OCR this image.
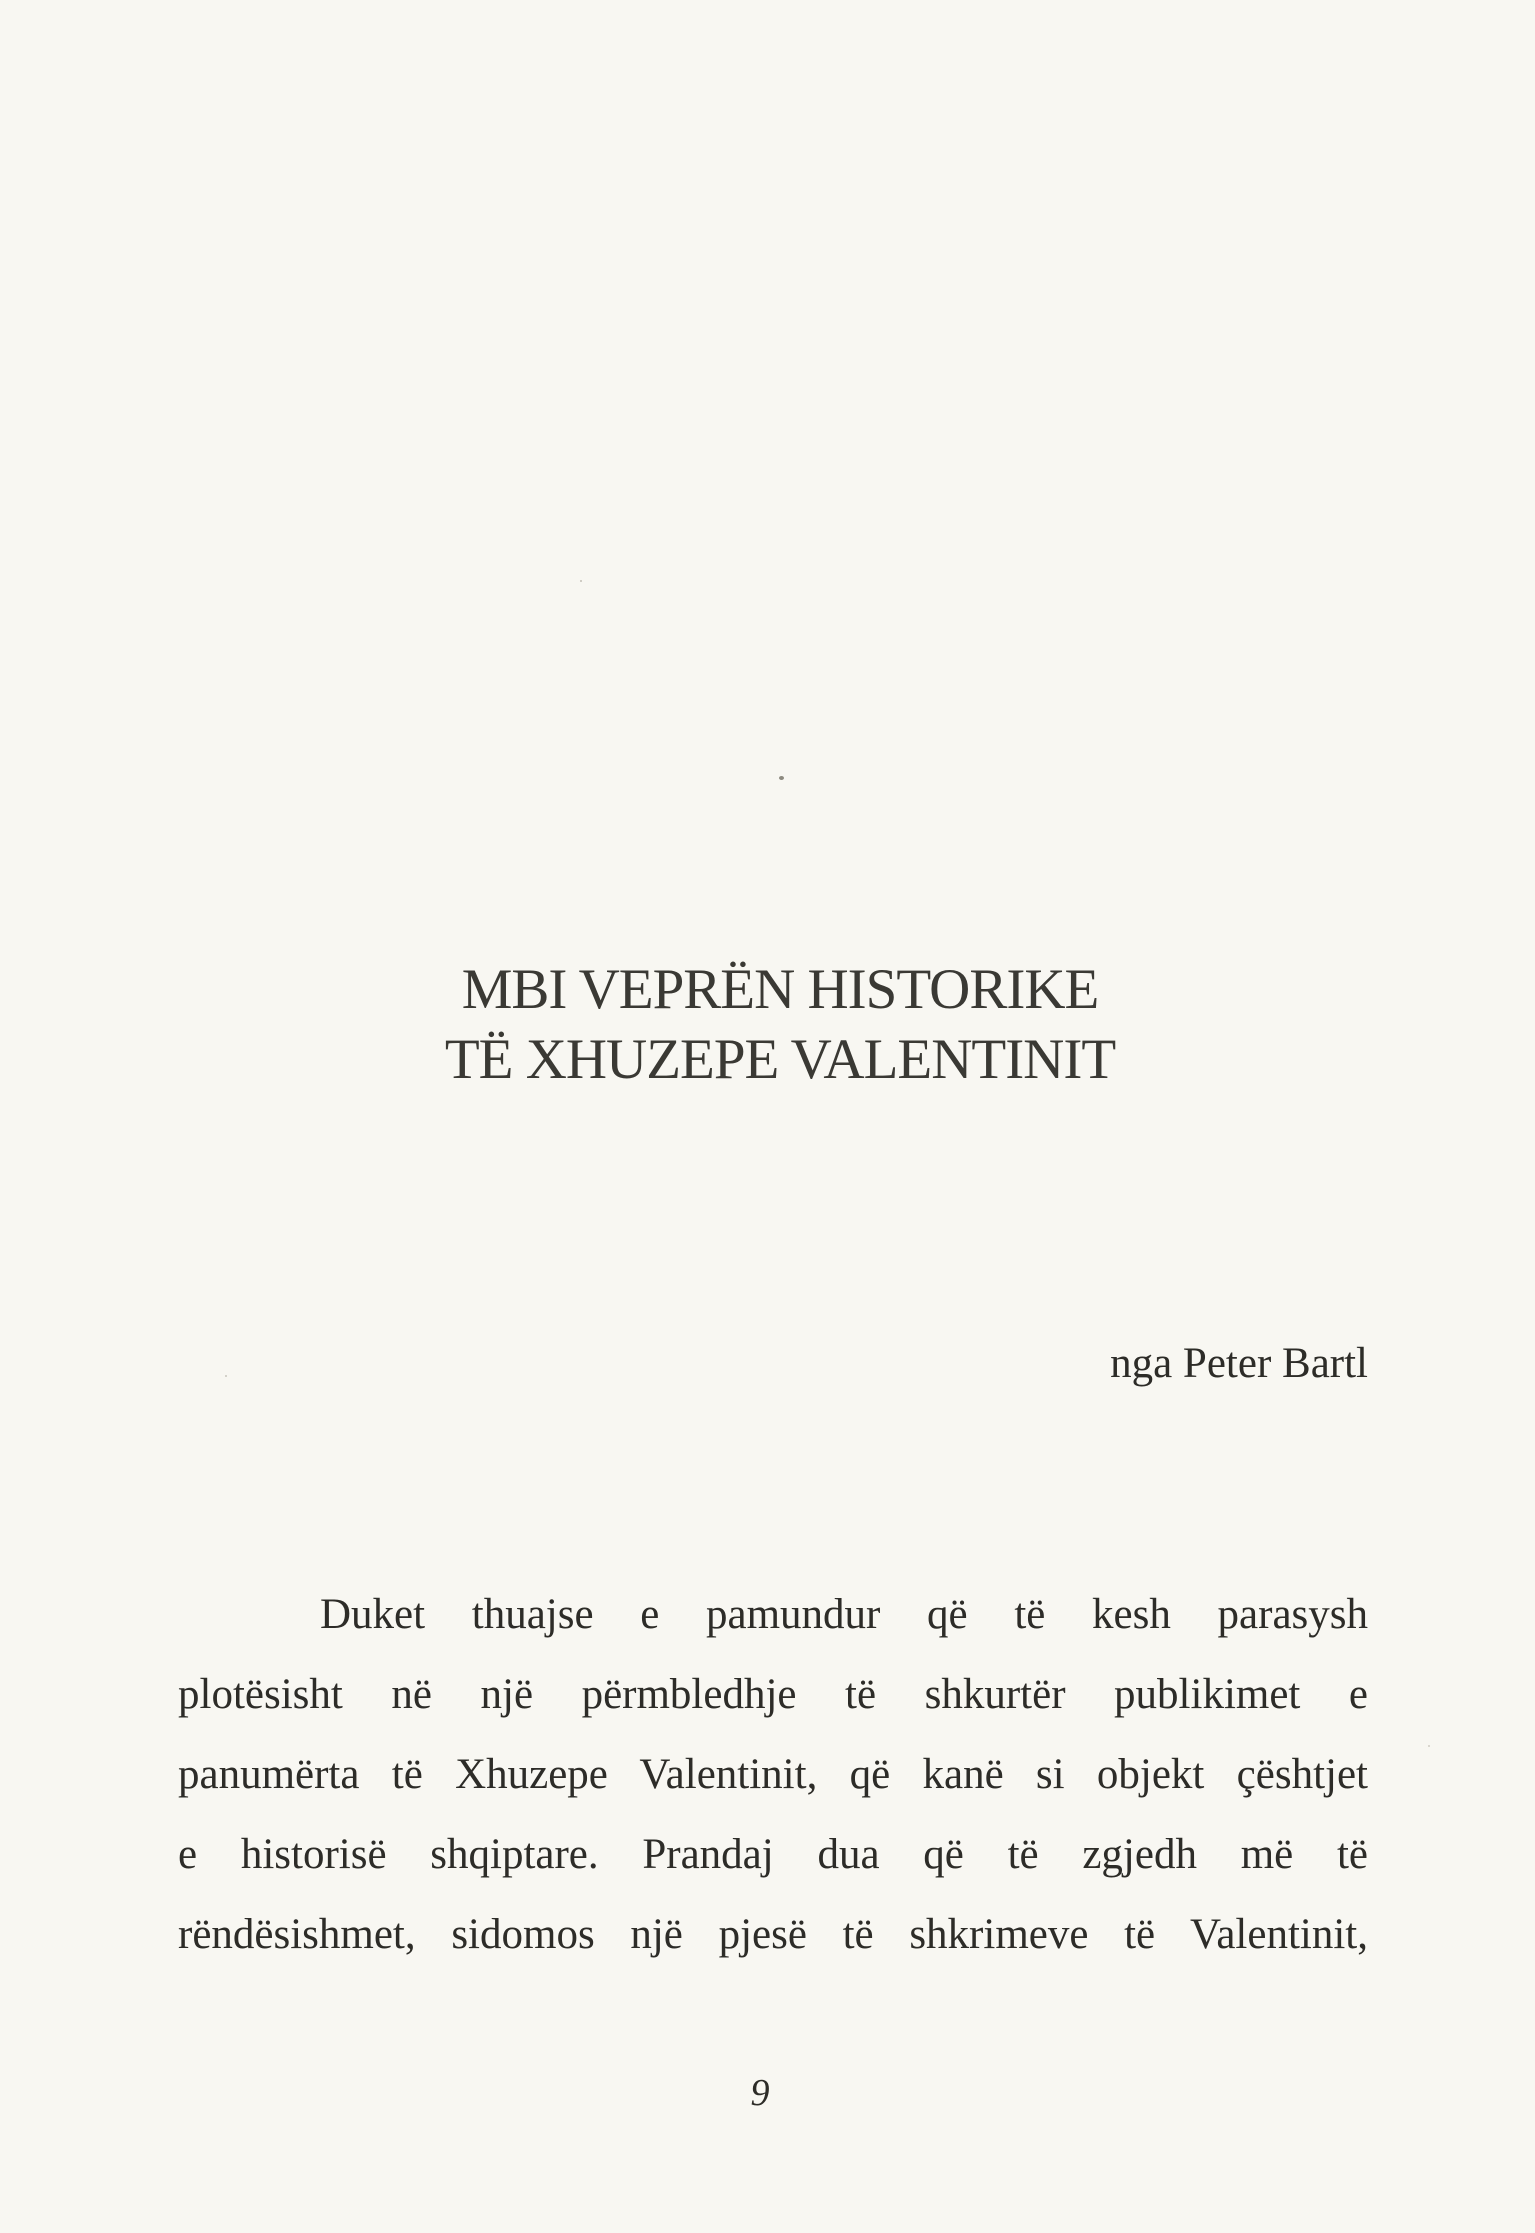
MBI VEPRËN HISTORIKE
TË XHUZEPE VALENTINIT
nga Peter Bartl
Duket thuajse e pamundur që të kesh parasysh
plotësisht në një përmbledhje të shkurtër publikimet e
panumërta të Xhuzepe Valentinit, që kanë si objekt çështjet
e historisë shqiptare. Prandaj dua që të zgjedh më të
rëndësishmet, sidomos një pjesë të shkrimeve të Valentinit,
9
